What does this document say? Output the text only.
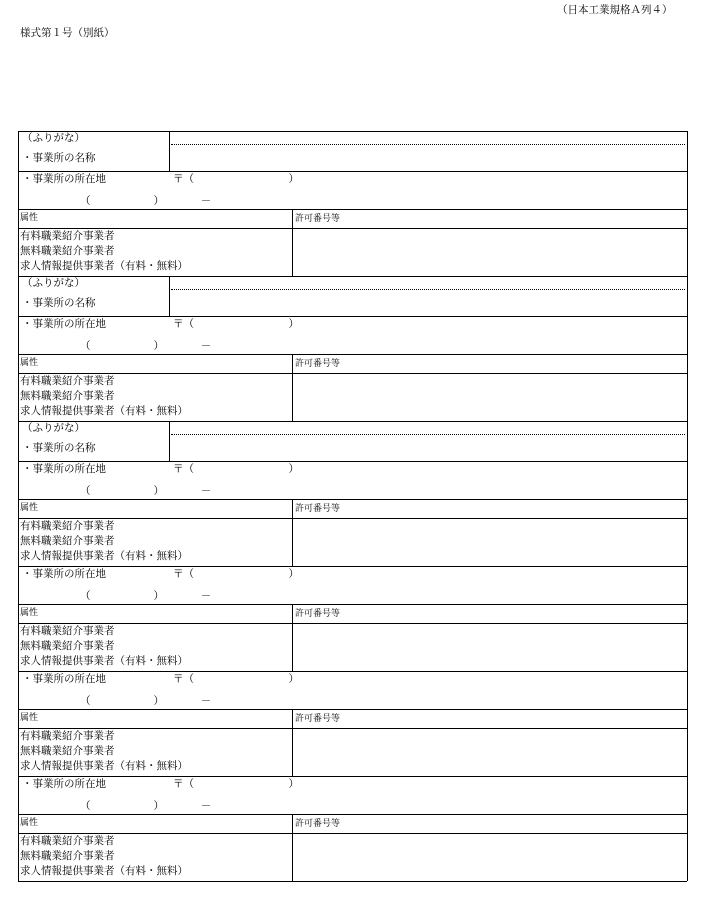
（日本工業規格Ａ列４）
様式第１号（別紙）
（ふりがな）
・事業所の名称
・事業所の所在地	〒（　　　　　　　　　）
（　　　　　　）　　　　－
属性	許可番号等
有料職業紹介事業者
無料職業紹介事業者
求人情報提供事業者（有料・無料）
（ふりがな）
・事業所の名称
・事業所の所在地	〒（　　　　　　　　　）
（　　　　　　）　　　　－
属性	許可番号等
有料職業紹介事業者
無料職業紹介事業者
求人情報提供事業者（有料・無料）
（ふりがな）
・事業所の名称
・事業所の所在地	〒（　　　　　　　　　）
（　　　　　　）　　　　－
属性	許可番号等
有料職業紹介事業者
無料職業紹介事業者
求人情報提供事業者（有料・無料）
・事業所の所在地	〒（　　　　　　　　　）
（　　　　　　）　　　　－
属性	許可番号等
有料職業紹介事業者
無料職業紹介事業者
求人情報提供事業者（有料・無料）
・事業所の所在地	〒（　　　　　　　　　）
（　　　　　　）　　　　－
属性	許可番号等
有料職業紹介事業者
無料職業紹介事業者
求人情報提供事業者（有料・無料）
・事業所の所在地	〒（　　　　　　　　　）
（　　　　　　）　　　　－
属性	許可番号等
有料職業紹介事業者
無料職業紹介事業者
求人情報提供事業者（有料・無料）
